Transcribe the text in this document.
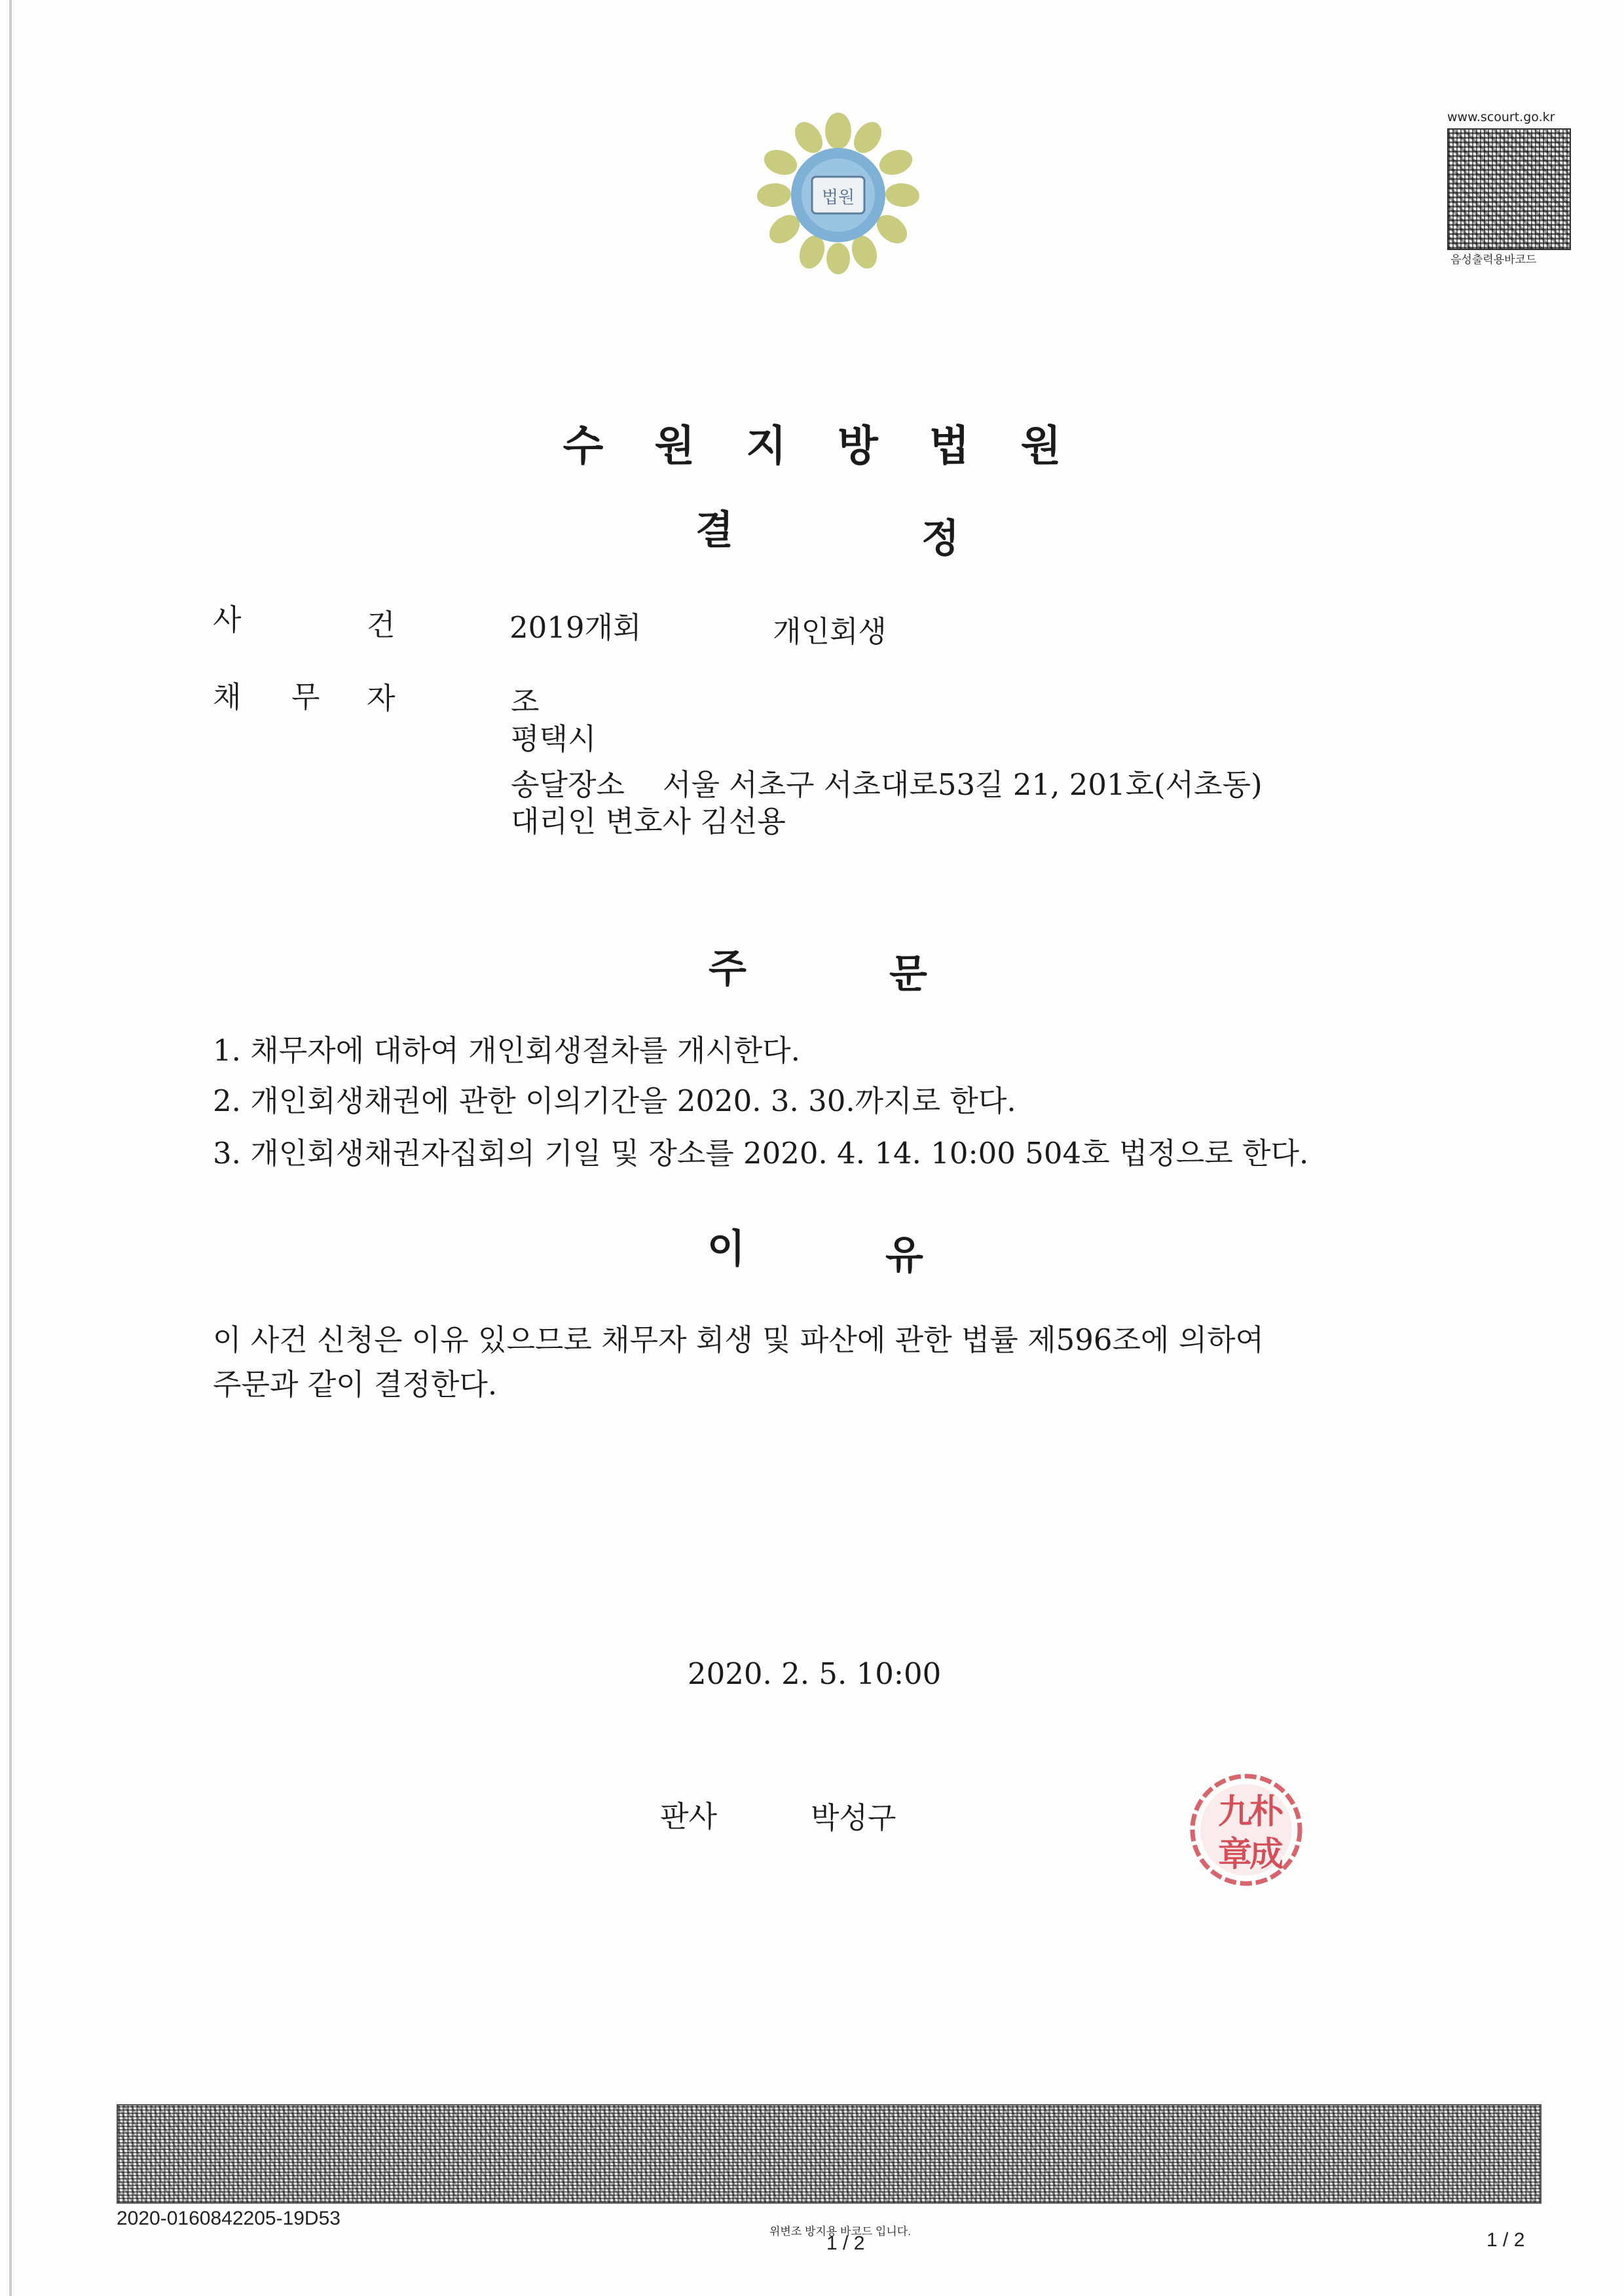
법원
www.scourt.go.kr
음성출력용바코드
수원지방법원
결	정
사	건	2019개회	개인회생
채 무 자	조
평택시
송달장소 서울 서초구 서초대로53길 21, 201호(서초동)
대리인 변호사 김선용
주	문
1. 채무자에 대하여 개인회생절차를 개시한다.
2. 개인회생채권에 관한 이의기간을 2020. 3. 30.까지로 한다.
3. 개인회생채권자집회의 기일 및 장소를 2020. 4. 14. 10:00 504호 법정으로 한다.
이	유
이 사건 신청은 이유 있으므로 채무자 회생 및 파산에 관한 법률 제596조에 의하여
주문과 같이 결정한다.
2020. 2. 5. 10:00
판사	박성구	九
朴
章
成
2020-0160842205-19D53
위변조 방지용 바코드 입니다.
1 / 2	1 / 2
